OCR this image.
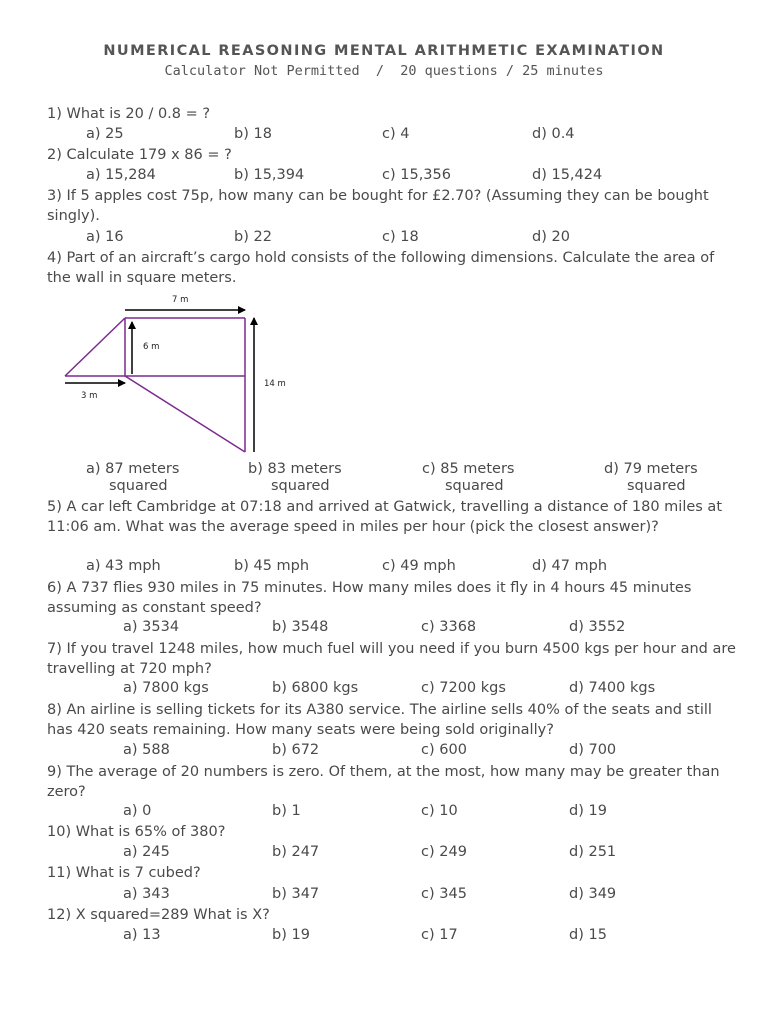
NUMERICAL REASONING MENTAL ARITHMETIC EXAMINATION
Calculator Not Permitted  /  20 questions / 25 minutes
1) What is 20 / 0.8 = ?
a) 25	b) 18	c) 4	d) 0.4
2) Calculate 179 x 86 = ?
a) 15,284	b) 15,394	c) 15,356	d) 15,424
3) If 5 apples cost 75p, how many can be bought for £2.70? (Assuming they can be bought singly).
a) 16	b) 22	c) 18	d) 20
4) Part of an aircraft’s cargo hold consists of the following dimensions. Calculate the area of the wall in square meters.
7 m
6 m
14 m
3 m
a) 87 meters
squared
b) 83 meters
squared
c) 85 meters
squared
d) 79 meters
squared
5) A car left Cambridge at 07:18 and arrived at Gatwick, travelling a distance of 180 miles at 11:06 am. What was the average speed in miles per hour (pick the closest answer)?
a) 43 mph	b) 45 mph	c) 49 mph	d) 47 mph
6) A 737 flies 930 miles in 75 minutes. How many miles does it fly in 4 hours 45 minutes assuming as constant speed?
a) 3534	b) 3548	c) 3368	d) 3552
7) If you travel 1248 miles, how much fuel will you need if you burn 4500 kgs per hour and are travelling at 720 mph?
a) 7800 kgs	b) 6800 kgs	c) 7200 kgs	d) 7400 kgs
8) An airline is selling tickets for its A380 service. The airline sells 40% of the seats and still has 420 seats remaining. How many seats were being sold originally?
a) 588	b) 672	c) 600	d) 700
9) The average of 20 numbers is zero. Of them, at the most, how many may be greater than zero?
a) 0	b) 1	c) 10	d) 19
10) What is 65% of 380?
a) 245	b) 247	c) 249	d) 251
11) What is 7 cubed?
a) 343	b) 347	c) 345	d) 349
12) X squared=289 What is X?
a) 13	b) 19	c) 17	d) 15
